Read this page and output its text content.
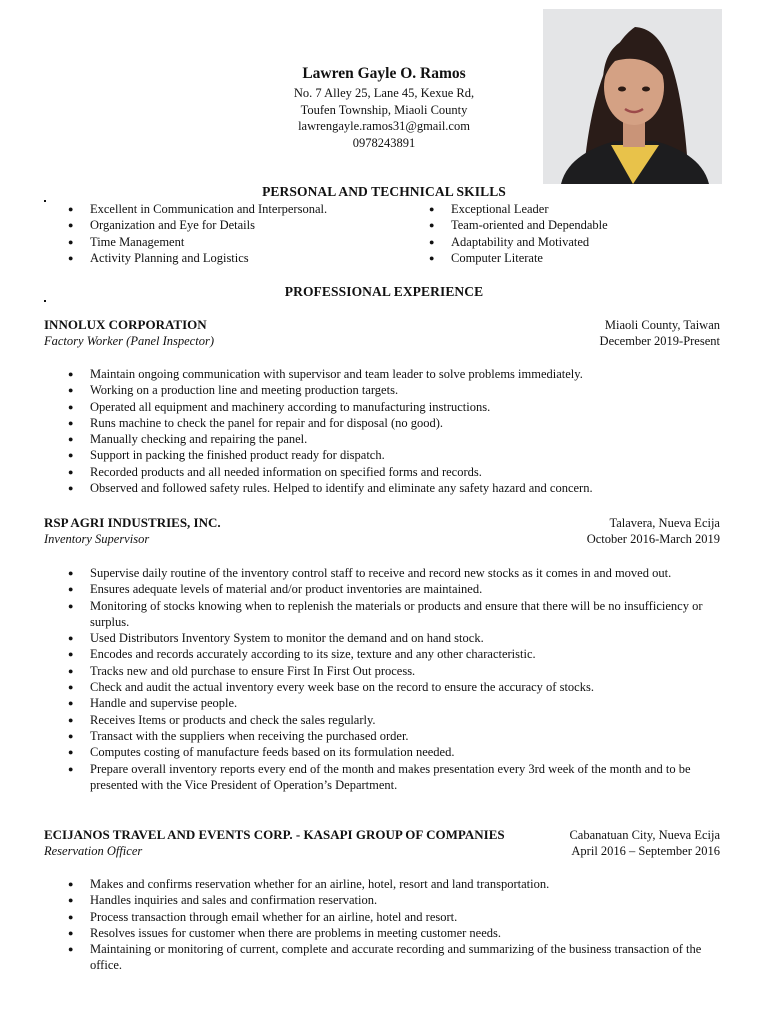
Lawren Gayle O. Ramos
No. 7 Alley 25, Lane 45, Kexue Rd,
Toufen Township, Miaoli County
lawrengayle.ramos31@gmail.com
0978243891
PERSONAL AND TECHNICAL SKILLS
● Excellent in Communication and Interpersonal.
● Organization and Eye for Details
● Time Management
● Activity Planning and Logistics
● Exceptional Leader
● Team-oriented and Dependable
● Adaptability and Motivated
● Computer Literate
PROFESSIONAL EXPERIENCE
INNOLUX CORPORATION	Miaoli County, Taiwan
Factory Worker (Panel Inspector)	December 2019-Present
● Maintain ongoing communication with supervisor and team leader to solve problems immediately.
● Working on a production line and meeting production targets.
● Operated all equipment and machinery according to manufacturing instructions.
● Runs machine to check the panel for repair and for disposal (no good).
● Manually checking and repairing the panel.
● Support in packing the finished product ready for dispatch.
● Recorded products and all needed information on specified forms and records.
● Observed and followed safety rules. Helped to identify and eliminate any safety hazard and concern.
RSP AGRI INDUSTRIES, INC.	Talavera, Nueva Ecija
Inventory Supervisor	October 2016-March 2019
● Supervise daily routine of the inventory control staff to receive and record new stocks as it comes in and moved out.
● Ensures adequate levels of material and/or product inventories are maintained.
● Monitoring of stocks knowing when to replenish the materials or products and ensure that there will be no insufficiency or surplus.
● Used Distributors Inventory System to monitor the demand and on hand stock.
● Encodes and records accurately according to its size, texture and any other characteristic.
● Tracks new and old purchase to ensure First In First Out process.
● Check and audit the actual inventory every week base on the record to ensure the accuracy of stocks.
● Handle and supervise people.
● Receives Items or products and check the sales regularly.
● Transact with the suppliers when receiving the purchased order.
● Computes costing of manufacture feeds based on its formulation needed.
● Prepare overall inventory reports every end of the month and makes presentation every 3rd week of the month and to be presented with the Vice President of Operation’s Department.
ECIJANOS TRAVEL AND EVENTS CORP. - KASAPI GROUP OF COMPANIES	Cabanatuan City, Nueva Ecija
Reservation Officer	April 2016 – September 2016
● Makes and confirms reservation whether for an airline, hotel, resort and land transportation.
● Handles inquiries and sales and confirmation reservation.
● Process transaction through email whether for an airline, hotel and resort.
● Resolves issues for customer when there are problems in meeting customer needs.
● Maintaining or monitoring of current, complete and accurate recording and summarizing of the business transaction of the office.
